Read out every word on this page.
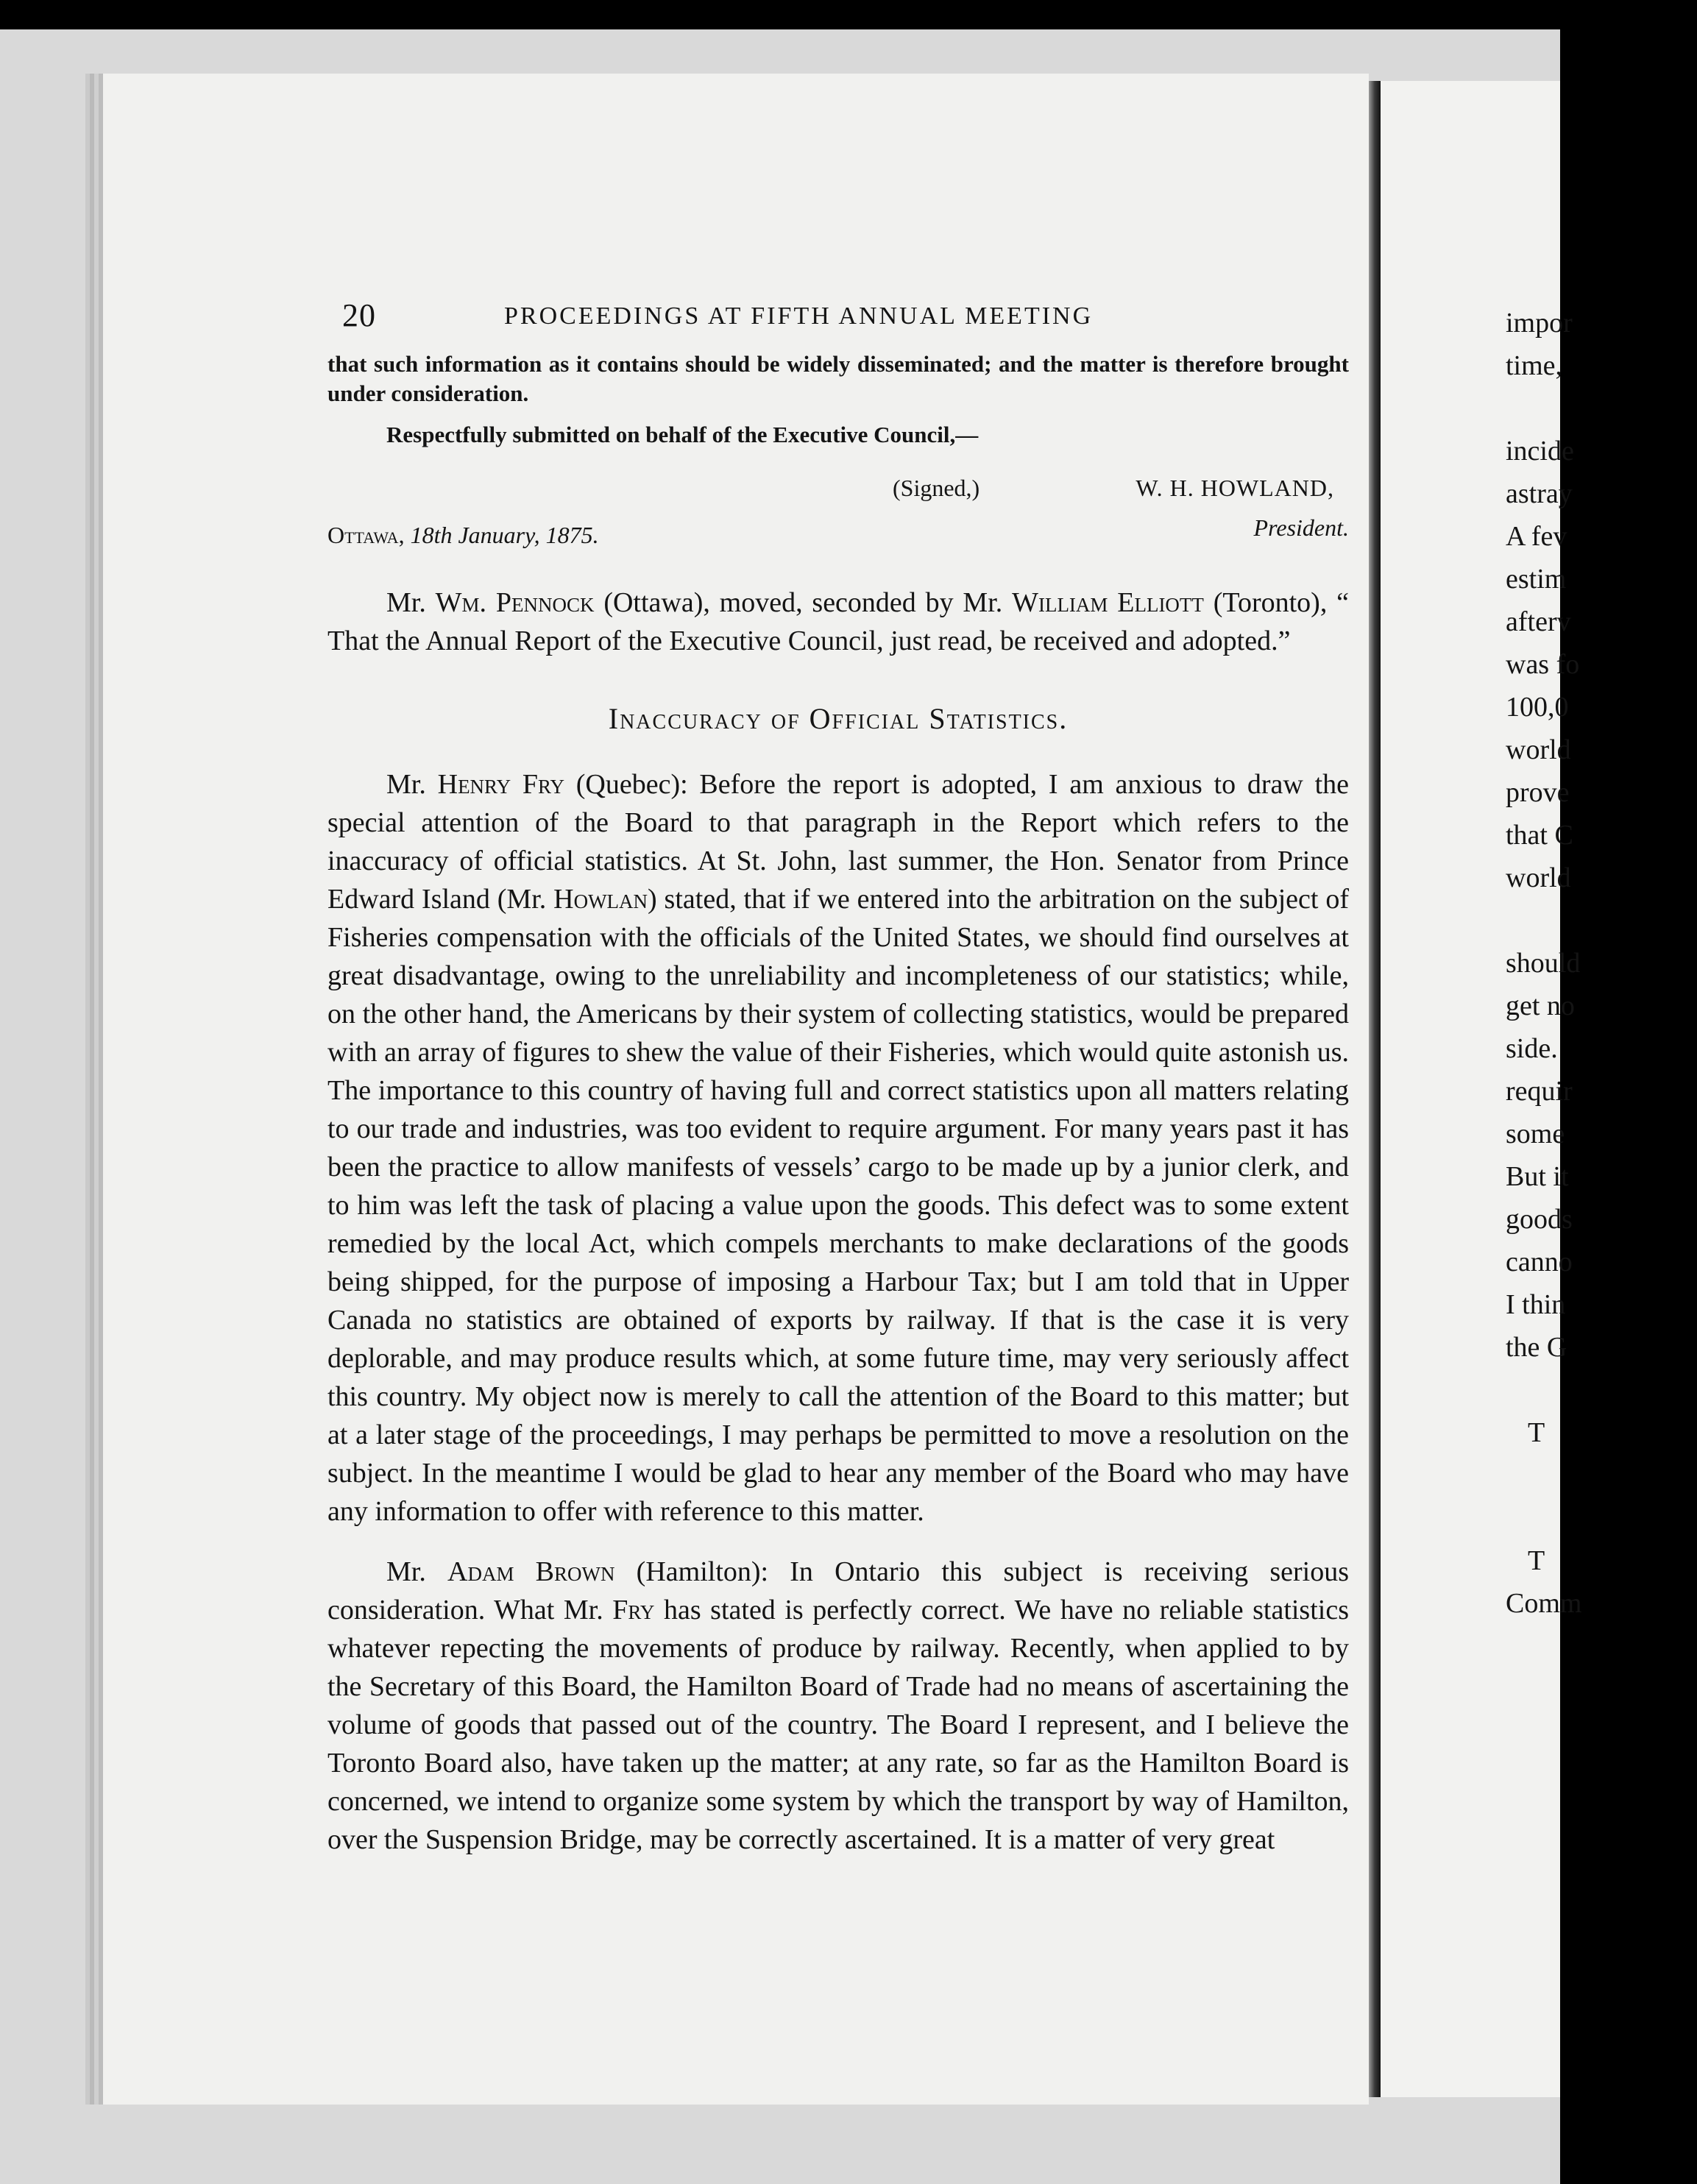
20	PROCEEDINGS AT FIFTH ANNUAL MEETING

that such information as it contains should be widely disseminated; and the matter is therefore brought under consideration.

Respectfully submitted on behalf of the Executive Council,—

(Signed,)	W. H. HOWLAND,
Ottawa, 18th January, 1875.	President.

Mr. Wm. Pennock (Ottawa), moved, seconded by Mr. William Elliott (Toronto), “ That the Annual Report of the Executive Council, just read, be received and adopted.”

Inaccuracy of Official Statistics.

Mr. Henry Fry (Quebec): Before the report is adopted, I am anxious to draw the special attention of the Board to that paragraph in the Report which refers to the inaccuracy of official statistics. At St. John, last summer, the Hon. Senator from Prince Edward Island (Mr. Howlan) stated, that if we entered into the arbitration on the subject of Fisheries compensation with the officials of the United States, we should find ourselves at great disadvantage, owing to the unreliability and incompleteness of our statistics; while, on the other hand, the Americans by their system of collecting statistics, would be prepared with an array of figures to shew the value of their Fisheries, which would quite astonish us. The importance to this country of having full and correct statistics upon all matters relating to our trade and industries, was too evident to require argument. For many years past it has been the practice to allow manifests of vessels’ cargo to be made up by a junior clerk, and to him was left the task of placing a value upon the goods. This defect was to some extent remedied by the local Act, which compels merchants to make declarations of the goods being shipped, for the purpose of imposing a Harbour Tax; but I am told that in Upper Canada no statistics are obtained of exports by railway. If that is the case it is very deplorable, and may produce results which, at some future time, may very seriously affect this country. My object now is merely to call the attention of the Board to this matter; but at a later stage of the proceedings, I may perhaps be permitted to move a resolution on the subject. In the meantime I would be glad to hear any member of the Board who may have any information to offer with reference to this matter.

Mr. Adam Brown (Hamilton): In Ontario this subject is receiving serious consideration. What Mr. Fry has stated is perfectly correct. We have no reliable statistics whatever repecting the movements of produce by railway. Recently, when applied to by the Secretary of this Board, the Hamilton Board of Trade had no means of ascertaining the volume of goods that passed out of the country. The Board I represent, and I believe the Toronto Board also, have taken up the matter; at any rate, so far as the Hamilton Board is concerned, we intend to organize some system by which the transport by way of Hamilton, over the Suspension Bridge, may be correctly ascertained. It is a matter of very great

impor
time,
incide
astray
A fev
estim
afterv
was fo
100,0
world
prove
that C
world
should
get no
side.
requir
some
But it
goods
canno
I thin
the G
T
T
Comm
